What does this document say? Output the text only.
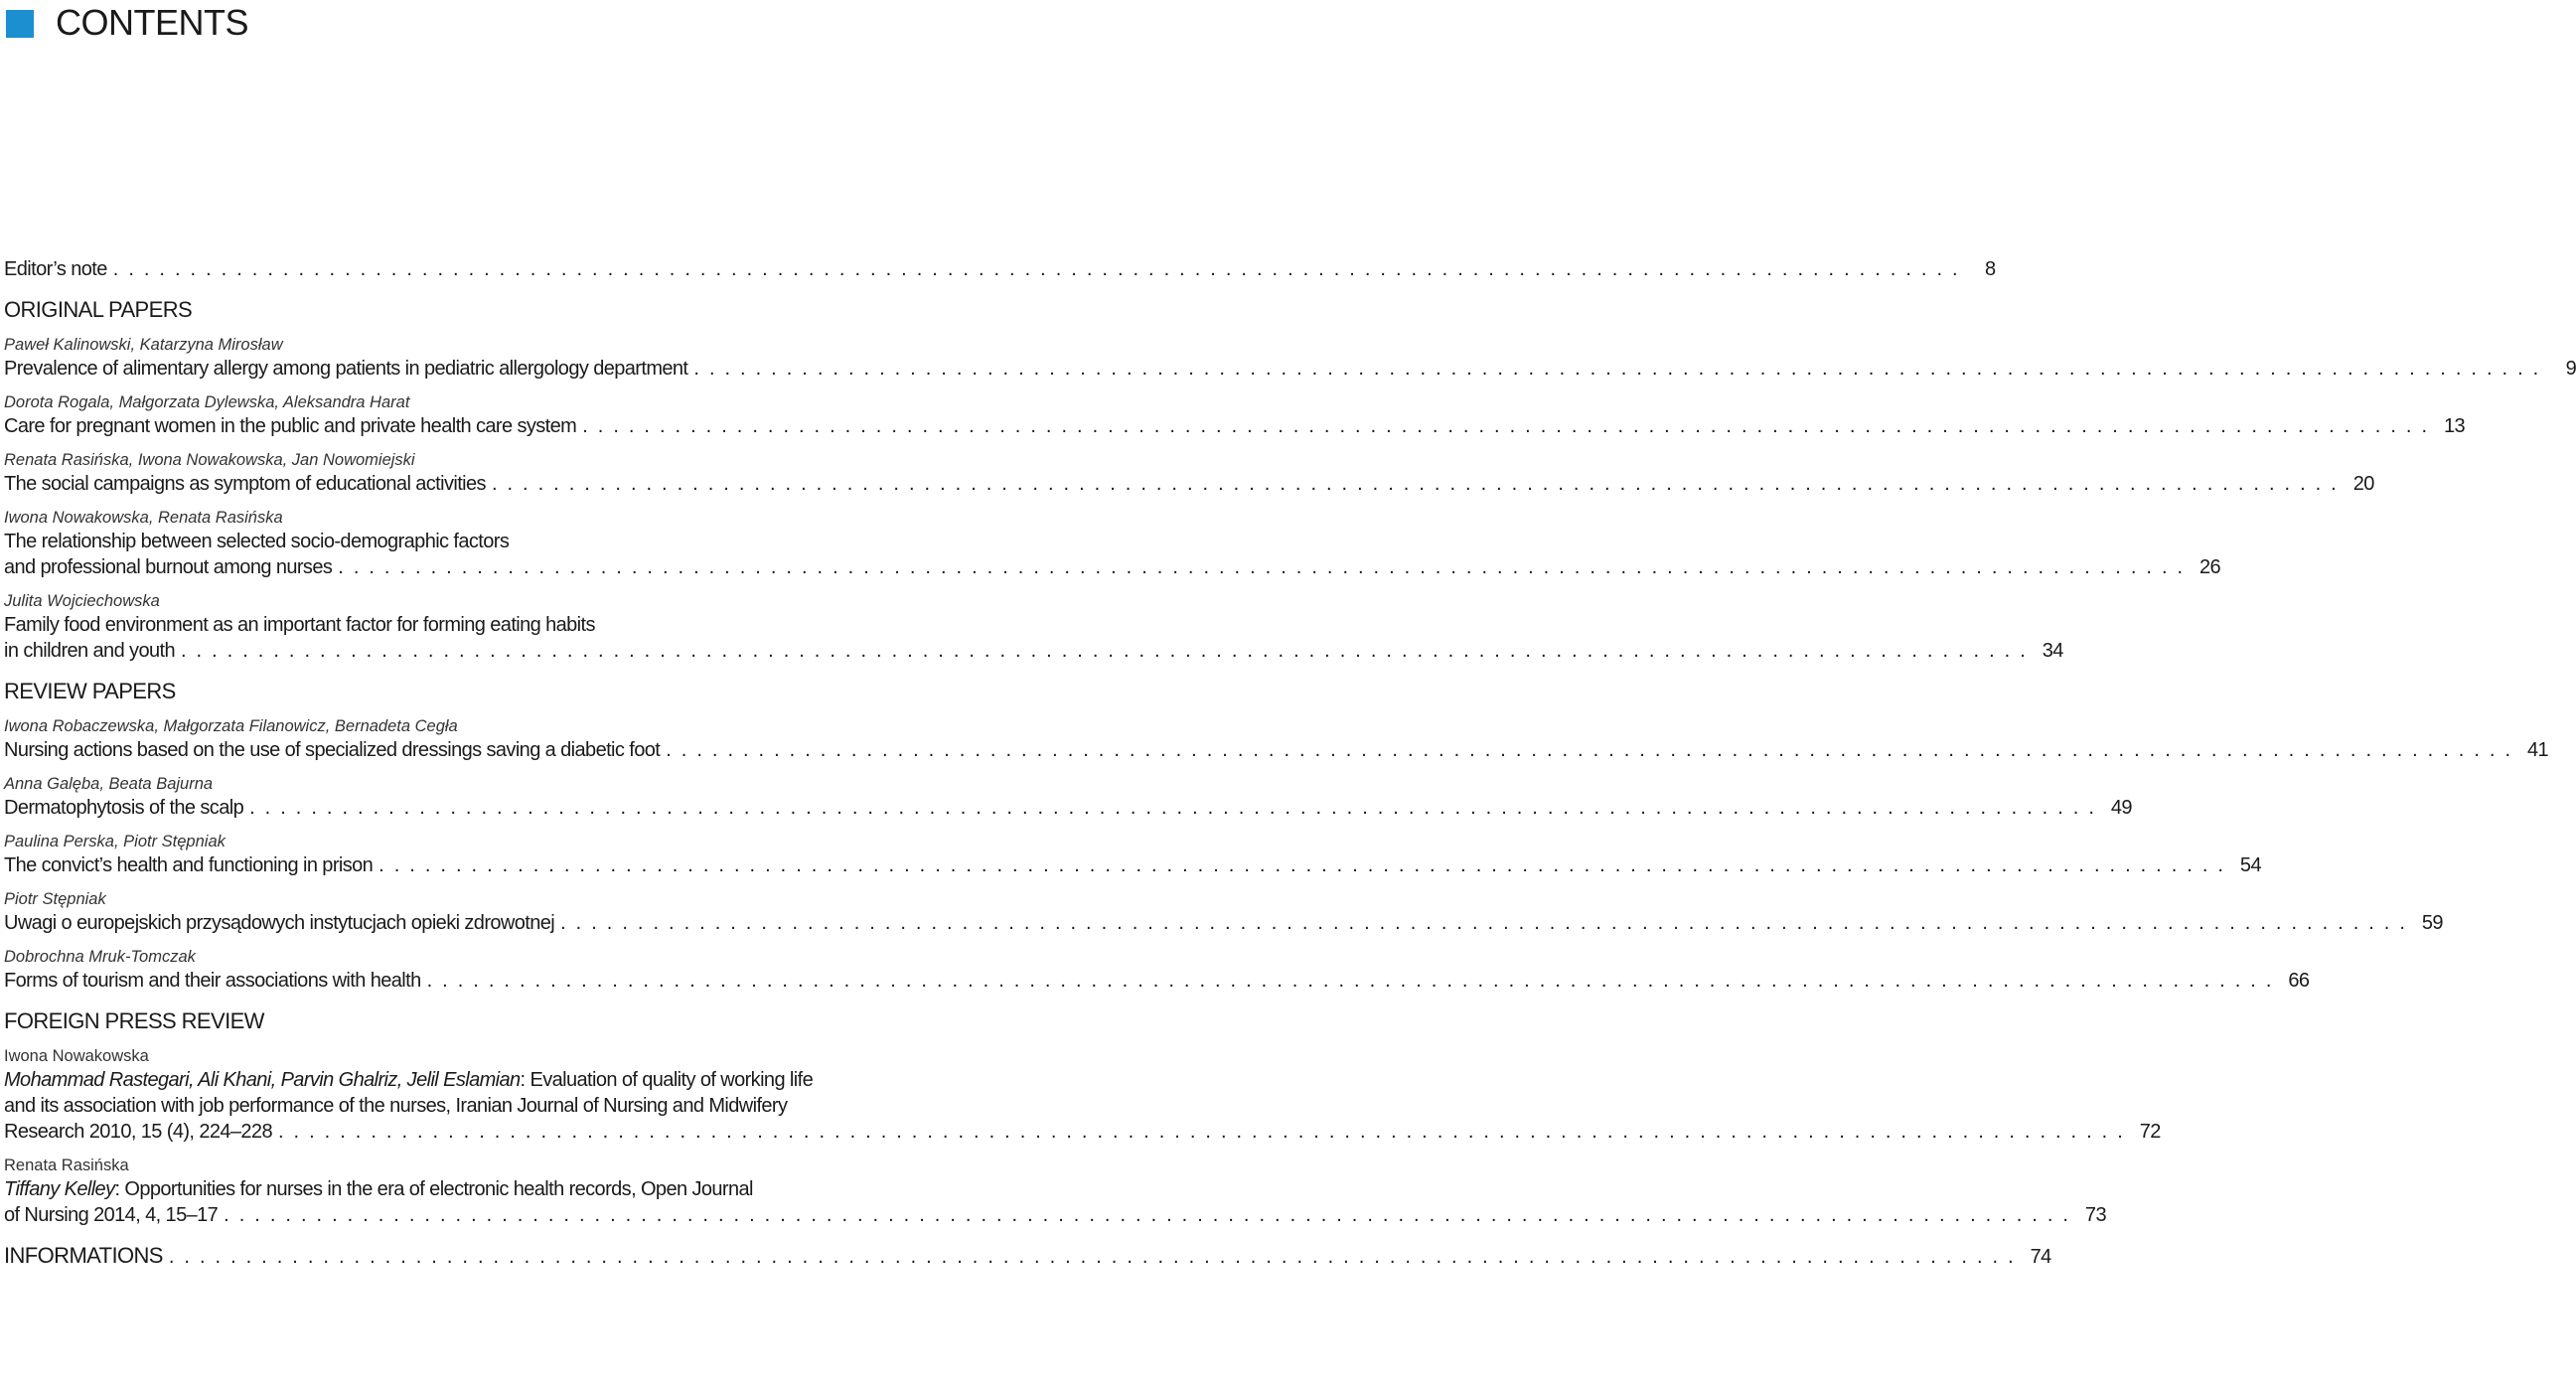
CONTENTS
Editor’s note ........................................................................................................................ 8
ORIGINAL PAPERS
Paweł Kalinowski, Katarzyna Mirosław
Prevalence of alimentary allergy among patients in pediatric allergology department ........................................................................................................................ 9
Dorota Rogala, Małgorzata Dylewska, Aleksandra Harat
Care for pregnant women in the public and private health care system ........................................................................................................................ 13
Renata Rasińska, Iwona Nowakowska, Jan Nowomiejski
The social campaigns as symptom of educational activities ........................................................................................................................ 20
Iwona Nowakowska, Renata Rasińska
The relationship between selected socio-demographic factors
and professional burnout among nurses ........................................................................................................................ 26
Julita Wojciechowska
Family food environment as an important factor for forming eating habits
in children and youth ........................................................................................................................ 34
REVIEW PAPERS
Iwona Robaczewska, Małgorzata Filanowicz, Bernadeta Cegła
Nursing actions based on the use of specialized dressings saving a diabetic foot ........................................................................................................................ 41
Anna Galęba, Beata Bajurna
Dermatophytosis of the scalp ........................................................................................................................ 49
Paulina Perska, Piotr Stępniak
The convict’s health and functioning in prison ........................................................................................................................ 54
Piotr Stępniak
Uwagi o europejskich przysądowych instytucjach opieki zdrowotnej ........................................................................................................................ 59
Dobrochna Mruk-Tomczak
Forms of tourism and their associations with health ........................................................................................................................ 66
FOREIGN PRESS REVIEW
Iwona Nowakowska
Mohammad Rastegari, Ali Khani, Parvin Ghalriz, Jelil Eslamian: Evaluation of quality of working life
and its association with job performance of the nurses, Iranian Journal of Nursing and Midwifery
Research 2010, 15 (4), 224–228 ........................................................................................................................ 72
Renata Rasińska
Tiffany Kelley: Opportunities for nurses in the era of electronic health records, Open Journal
of Nursing 2014, 4, 15–17 ........................................................................................................................ 73
INFORMATIONS ........................................................................................................................ 74
